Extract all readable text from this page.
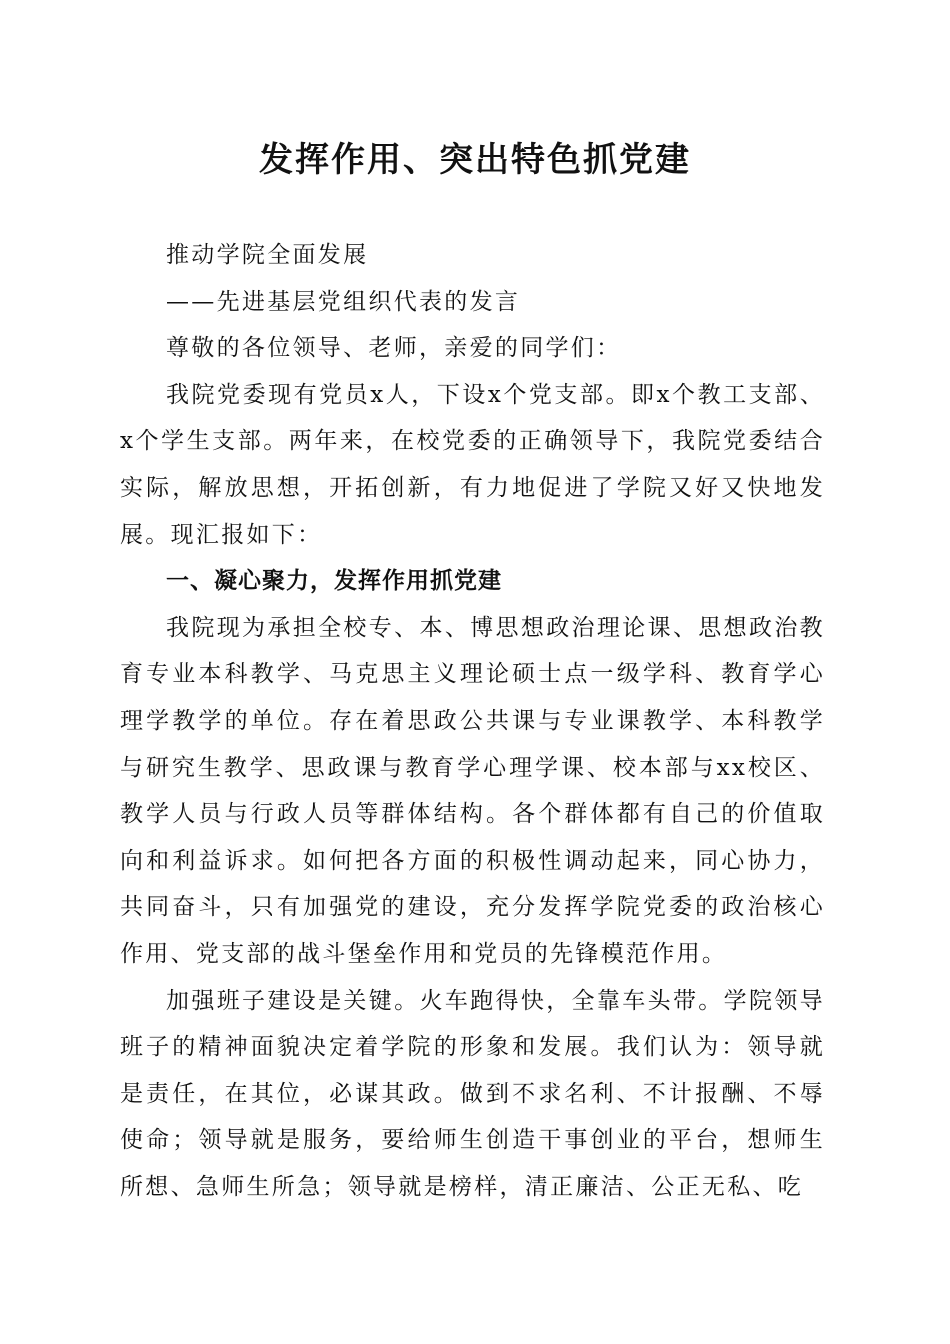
发挥作用、突出特色抓党建

推动学院全面发展

——先进基层党组织代表的发言

尊敬的各位领导、老师，亲爱的同学们：

我院党委现有党员x人，下设x个党支部。即x个教工支部、x个学生支部。两年来，在校党委的正确领导下，我院党委结合实际，解放思想，开拓创新，有力地促进了学院又好又快地发展。现汇报如下：

一、凝心聚力，发挥作用抓党建

我院现为承担全校专、本、博思想政治理论课、思想政治教育专业本科教学、马克思主义理论硕士点一级学科、教育学心理学教学的单位。存在着思政公共课与专业课教学、本科教学与研究生教学、思政课与教育学心理学课、校本部与xx校区、教学人员与行政人员等群体结构。各个群体都有自己的价值取向和利益诉求。如何把各方面的积极性调动起来，同心协力，共同奋斗，只有加强党的建设，充分发挥学院党委的政治核心作用、党支部的战斗堡垒作用和党员的先锋模范作用。

加强班子建设是关键。火车跑得快，全靠车头带。学院领导班子的精神面貌决定着学院的形象和发展。我们认为：领导就是责任，在其位，必谋其政。做到不求名利、不计报酬、不辱使命；领导就是服务，要给师生创造干事创业的平台，想师生所想、急师生所急；领导就是榜样，清正廉洁、公正无私、吃
